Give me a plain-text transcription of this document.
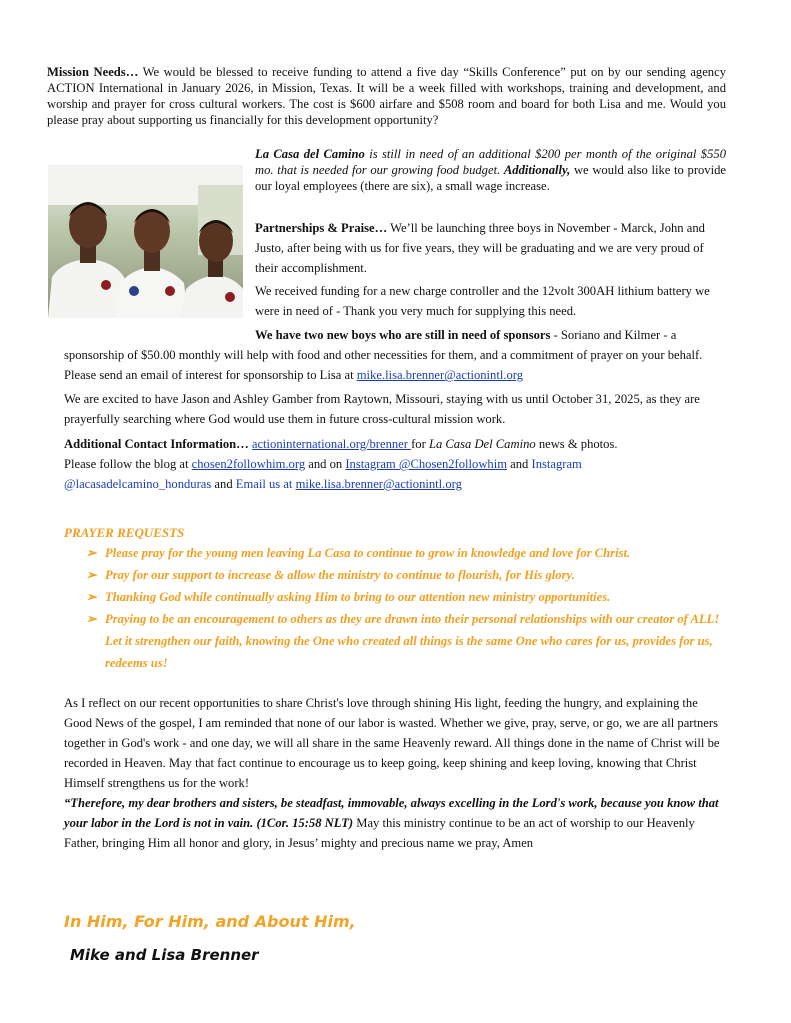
Mission Needs… We would be blessed to receive funding to attend a five day “Skills Conference” put on by our sending agency ACTION International in January 2026, in Mission, Texas. It will be a week filled with workshops, training and development, and worship and prayer for cross cultural workers. The cost is $600 airfare and $508 room and board for both Lisa and me. Would you please pray about supporting us financially for this development opportunity?

La Casa del Camino is still in need of an additional $200 per month of the original $550 mo. that is needed for our growing food budget. Additionally, we would also like to provide our loyal employees (there are six), a small wage increase.

Partnerships & Praise… We’ll be launching three boys in November - Marck, John and Justo, after being with us for five years, they will be graduating and we are very proud of their accomplishment.

We received funding for a new charge controller and the 12volt 300AH lithium battery we were in need of - Thank you very much for supplying this need.

We have two new boys who are still in need of sponsors - Soriano and Kilmer - a sponsorship of $50.00 monthly will help with food and other necessities for them, and a commitment of prayer on your behalf. Please send an email of interest for sponsorship to Lisa at mike.lisa.brenner@actionintl.org

We are excited to have Jason and Ashley Gamber from Raytown, Missouri, staying with us until October 31, 2025, as they are prayerfully searching where God would use them in future cross-cultural mission work.

Additional Contact Information… actioninternational.org/brenner for La Casa Del Camino news & photos.
Please follow the blog at chosen2followhim.org and on Instagram @Chosen2followhim and Instagram
@lacasadelcamino_honduras and Email us at mike.lisa.brenner@actionintl.org

PRAYER REQUESTS

➢ Please pray for the young men leaving La Casa to continue to grow in knowledge and love for Christ.
➢ Pray for our support to increase & allow the ministry to continue to flourish, for His glory.
➢ Thanking God while continually asking Him to bring to our attention new ministry opportunities.
➢ Praying to be an encouragement to others as they are drawn into their personal relationships with our creator of ALL! Let it strengthen our faith, knowing the One who created all things is the same One who cares for us, provides for us, redeems us!

As I reflect on our recent opportunities to share Christ's love through shining His light, feeding the hungry, and explaining the Good News of the gospel, I am reminded that none of our labor is wasted. Whether we give, pray, serve, or go, we are all partners together in God's work - and one day, we will all share in the same Heavenly reward. All things done in the name of Christ will be recorded in Heaven. May that fact continue to encourage us to keep going, keep shining and keep loving, knowing that Christ Himself strengthens us for the work!
“Therefore, my dear brothers and sisters, be steadfast, immovable, always excelling in the Lord's work, because you know that your labor in the Lord is not in vain. (1Cor. 15:58 NLT) May this ministry continue to be an act of worship to our Heavenly Father, bringing Him all honor and glory, in Jesus’ mighty and precious name we pray, Amen

In Him, For Him, and About Him,

Mike and Lisa Brenner
